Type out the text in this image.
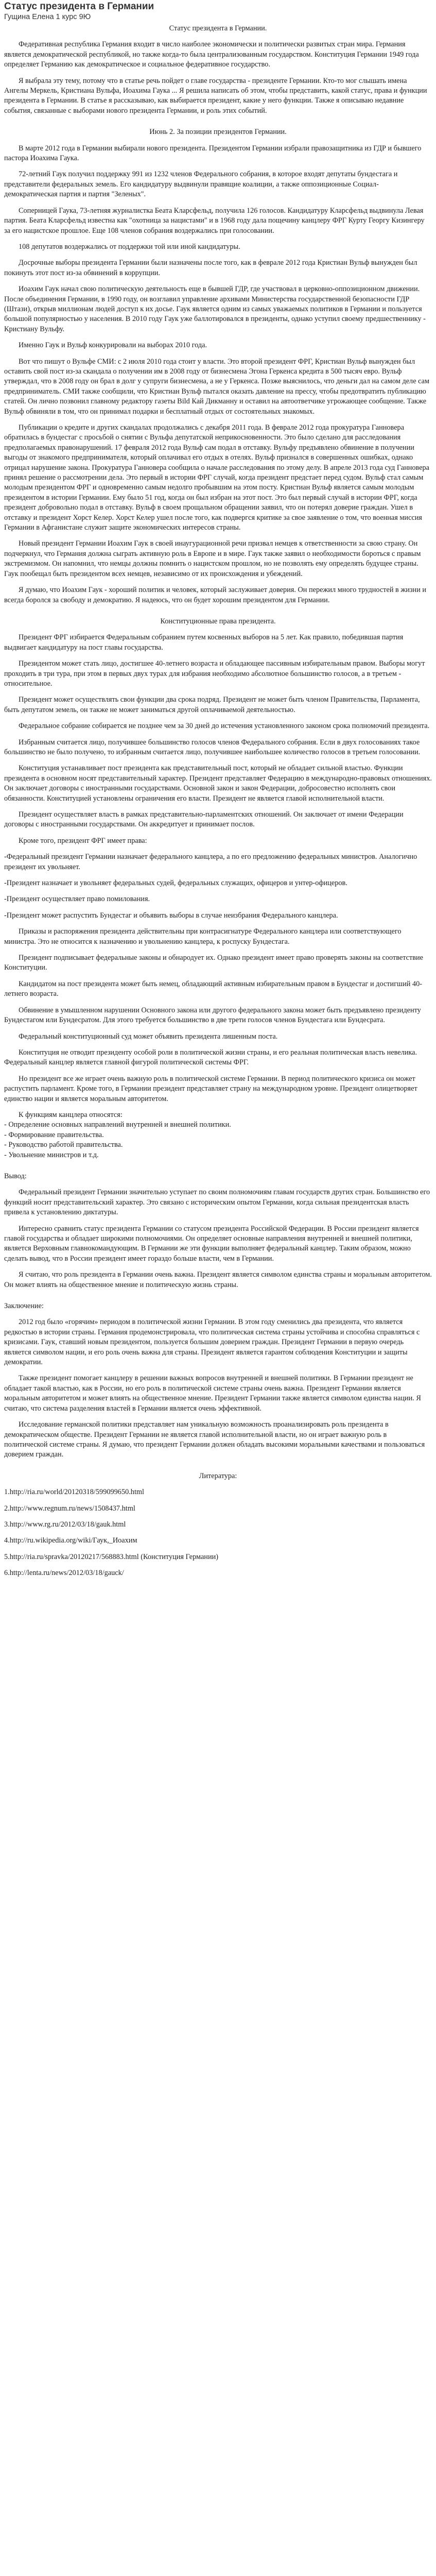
Статус президента в Германии
Гущина Елена 1 курс 9Ю

Статус президента в Германии.

Федеративная республика Германия входит в число наиболее экономически и политически развитых стран мира. Германия является демократической республикой, но также когда-то была централизованным государством. Конституция Германии 1949 года определяет Германию как демократическое и социальное федеративное государство.

Я выбрала эту тему, потому что в статье речь пойдет о главе государства - президенте Германии. Кто-то мог слышать имена Ангелы Меркель, Кристиана Вульфа, Иоахима Гаука ... Я решила написать об этом, чтобы представить, какой статус, права и функции президента в Германии. В статье я рассказываю, как выбирается президент, какие у него функции. Также я описываю недавние события, связанные с выборами нового президента Германии, и роль этих событий.

Июнь 2. За позиции президентов Германии.

В марте 2012 года в Германии выбирали нового президента. Президентом Германии избрали правозащитника из ГДР и бывшего пастора Иоахима Гаука.

72-летний Гаук получил поддержку 991 из 1232 членов Федерального собрания, в которое входят депутаты бундестага и представители федеральных земель. Его кандидатуру выдвинули правящие коалиции, а также оппозиционные Социал-демократическая партия и партия "Зеленых".

Соперницей Гаука, 73-летняя журналистка Беата Кларсфельд, получила 126 голосов. Кандидатуру Кларсфельд выдвинула Левая партия. Беата Кларсфельд известна как "охотница за нацистами" и в 1968 году дала пощечину канцлеру ФРГ Курту Георгу Кизингеру за его нацистское прошлое. Еще 108 членов собрания воздержались при голосовании.

108 депутатов воздержались от поддержки той или иной кандидатуры.

Досрочные выборы президента Германии были назначены после того, как в феврале 2012 года Кристиан Вульф вынужден был покинуть этот пост из-за обвинений в коррупции.

Иоахим Гаук начал свою политическую деятельность еще в бывшей ГДР, где участвовал в церковно-оппозиционном движении. После объединения Германии, в 1990 году, он возглавил управление архивами Министерства государственной безопасности ГДР (Штази), открыв миллионам людей доступ к их досье. Гаук является одним из самых уважаемых политиков в Германии и пользуется большой популярностью у населения. В 2010 году Гаук уже баллотировался в президенты, однако уступил своему предшественнику - Кристиану Вульфу.

Именно Гаук и Вульф конкурировали на выборах 2010 года.

Вот что пишут о Вульфе СМИ: с 2 июля 2010 года стоит у власти. Это второй президент ФРГ, Кристиан Вульф вынужден был оставить свой пост из-за скандала о получении им в 2008 году от бизнесмена Эгона Геркенса кредита в 500 тысяч евро. Вульф утверждал, что в 2008 году он брал в долг у супруги бизнесмена, а не у Геркенса. Позже выяснилось, что деньги дал на самом деле сам предприниматель. СМИ также сообщили, что Кристиан Вульф пытался оказать давление на прессу, чтобы предотвратить публикацию статей. Он лично позвонил главному редактору газеты Bild Кай Дикманну и оставил на автоответчике угрожающее сообщение. Также Вульф обвиняли в том, что он принимал подарки и бесплатный отдых от состоятельных знакомых.

Публикации о кредите и других скандалах продолжались с декабря 2011 года. В феврале 2012 года прокуратура Ганновера обратилась в бундестаг с просьбой о снятии с Вульфа депутатской неприкосновенности. Это было сделано для расследования предполагаемых правонарушений. 17 февраля 2012 года Вульф сам подал в отставку. Вульфу предъявлено обвинение в получении выгоды от знакомого предпринимателя, который оплачивал его отдых в отелях. Вульф признался в совершенных ошибках, однако отрицал нарушение закона. Прокуратура Ганновера сообщила о начале расследования по этому делу. В апреле 2013 года суд Ганновера принял решение о рассмотрении дела. Это первый в истории ФРГ случай, когда президент предстает перед судом. Вульф стал самым молодым президентом ФРГ и одновременно самым недолго пробывшим на этом посту. Кристиан Вульф является самым молодым президентом в истории Германии. Ему было 51 год, когда он был избран на этот пост. Это был первый случай в истории ФРГ, когда президент добровольно подал в отставку. Вульф в своем прощальном обращении заявил, что он потерял доверие граждан. Ушел в отставку и президент Хорст Келер. Хорст Келер ушел после того, как подвергся критике за свое заявление о том, что военная миссия Германии в Афганистане служит защите экономических интересов страны.

Новый президент Германии Иоахим Гаук в своей инаугурационной речи призвал немцев к ответственности за свою страну. Он подчеркнул, что Германия должна сыграть активную роль в Европе и в мире. Гаук также заявил о необходимости бороться с правым экстремизмом. Он напомнил, что немцы должны помнить о нацистском прошлом, но не позволять ему определять будущее страны. Гаук пообещал быть президентом всех немцев, независимо от их происхождения и убеждений.

Я думаю, что Иоахим Гаук - хороший политик и человек, который заслуживает доверия. Он пережил много трудностей в жизни и всегда боролся за свободу и демократию. Я надеюсь, что он будет хорошим президентом для Германии.

Конституционные права президента.

Президент ФРГ избирается Федеральным собранием путем косвенных выборов на 5 лет. Как правило, победившая партия выдвигает кандидатуру на пост главы государства.

Президентом может стать лицо, достигшее 40-летнего возраста и обладающее пассивным избирательным правом. Выборы могут проходить в три тура, при этом в первых двух турах для избрания необходимо абсолютное большинство голосов, а в третьем - относительное.

Президент может осуществлять свои функции два срока подряд. Президент не может быть членом Правительства, Парламента, быть депутатом земель, он также не может заниматься другой оплачиваемой деятельностью.

Федеральное собрание собирается не позднее чем за 30 дней до истечения установленного законом срока полномочий президента.

Избранным считается лицо, получившее большинство голосов членов Федерального собрания. Если в двух голосованиях такое большинство не было получено, то избранным считается лицо, получившее наибольшее количество голосов в третьем голосовании.

Конституция устанавливает пост президента как представительный пост, который не обладает сильной властью. Функции президента в основном носят представительный характер. Президент представляет Федерацию в международно-правовых отношениях. Он заключает договоры с иностранными государствами. Основной закон и закон Федерации, добросовестно исполнять свои обязанности. Конституцией установлены ограничения его власти. Президент не является главой исполнительной власти.

Президент осуществляет власть в рамках представительно-парламентских отношений. Он заключает от имени Федерации договоры с иностранными государствами. Он аккредитует и принимает послов.

Кроме того, президент ФРГ имеет права:

-Федеральный президент Германии назначает федерального канцлера, а по его предложению федеральных министров. Аналогично президент их увольняет.

-Президент назначает и увольняет федеральных судей, федеральных служащих, офицеров и унтер-офицеров.

-Президент осуществляет право помилования.

-Президент может распустить Бундестаг и объявить выборы в случае неизбрания Федерального канцлера.

Приказы и распоряжения президента действительны при контрасигнатуре Федерального канцлера или соответствующего министра. Это не относится к назначению и увольнению канцлера, к роспуску Бундестага.

Президент подписывает федеральные законы и обнародует их. Однако президент имеет право проверять законы на соответствие Конституции.

Кандидатом на пост президента может быть немец, обладающий активным избирательным правом в Бундестаг и достигший 40-летнего возраста.

Обвинение в умышленном нарушении Основного закона или другого федерального закона может быть предъявлено президенту Бундестагом или Бундесратом. Для этого требуется большинство в две трети голосов членов Бундестага или Бундесрата.

Федеральный конституционный суд может объявить президента лишенным поста.

Конституция не отводит президенту особой роли в политической жизни страны, и его реальная политическая власть невелика. Федеральный канцлер является главной фигурой политической системы ФРГ.

Но президент все же играет очень важную роль в политической системе Германии. В период политического кризиса он может распустить парламент. Кроме того, в Германии президент представляет страну на международном уровне. Президент олицетворяет единство нации и является моральным авторитетом.

К функциям канцлера относятся:

- Определение основных направлений внутренней и внешней политики.

- Формирование правительства.

- Руководство работой правительства.

- Увольнение министров и т.д.

Вывод:

Федеральный президент Германии значительно уступает по своим полномочиям главам государств других стран. Большинство его функций носит представительский характер. Это связано с историческим опытом Германии, когда сильная президентская власть привела к установлению диктатуры.

Интересно сравнить статус президента Германии со статусом президента Российской Федерации. В России президент является главой государства и обладает широкими полномочиями. Он определяет основные направления внутренней и внешней политики, является Верховным главнокомандующим. В Германии же эти функции выполняет федеральный канцлер. Таким образом, можно сделать вывод, что в России президент имеет гораздо больше власти, чем в Германии.

Я считаю, что роль президента в Германии очень важна. Президент является символом единства страны и моральным авторитетом. Он может влиять на общественное мнение и политическую жизнь страны.

Заключение:

2012 год было «горячим» периодом в политической жизни Германии. В этом году сменились два президента, что является редкостью в истории страны. Германия продемонстрировала, что политическая система страны устойчива и способна справляться с кризисами. Гаук, ставший новым президентом, пользуется большим доверием граждан. Президент Германии в первую очередь является символом нации, и его роль очень важна для страны. Президент является гарантом соблюдения Конституции и защиты демократии.

Также президент помогает канцлеру в решении важных вопросов внутренней и внешней политики. В Германии президент не обладает такой властью, как в России, но его роль в политической системе страны очень важна. Президент Германии является моральным авторитетом и может влиять на общественное мнение. Президент Германии также является символом единства нации. Я считаю, что система разделения властей в Германии является очень эффективной.

Исследование германской политики представляет нам уникальную возможность проанализировать роль президента в демократическом обществе. Президент Германии не является главой исполнительной власти, но он играет важную роль в политической системе страны. Я думаю, что президент Германии должен обладать высокими моральными качествами и пользоваться доверием граждан.

Литература:

1.http://ria.ru/world/20120318/599099650.html

2.http://www.regnum.ru/news/1508437.html

3.http://www.rg.ru/2012/03/18/gauk.html

4.http://ru.wikipedia.org/wiki/Гаук,_Иоахим

5.http://ria.ru/spravka/20120217/568883.html (Конституция Германии)

6.http://lenta.ru/news/2012/03/18/gauck/
